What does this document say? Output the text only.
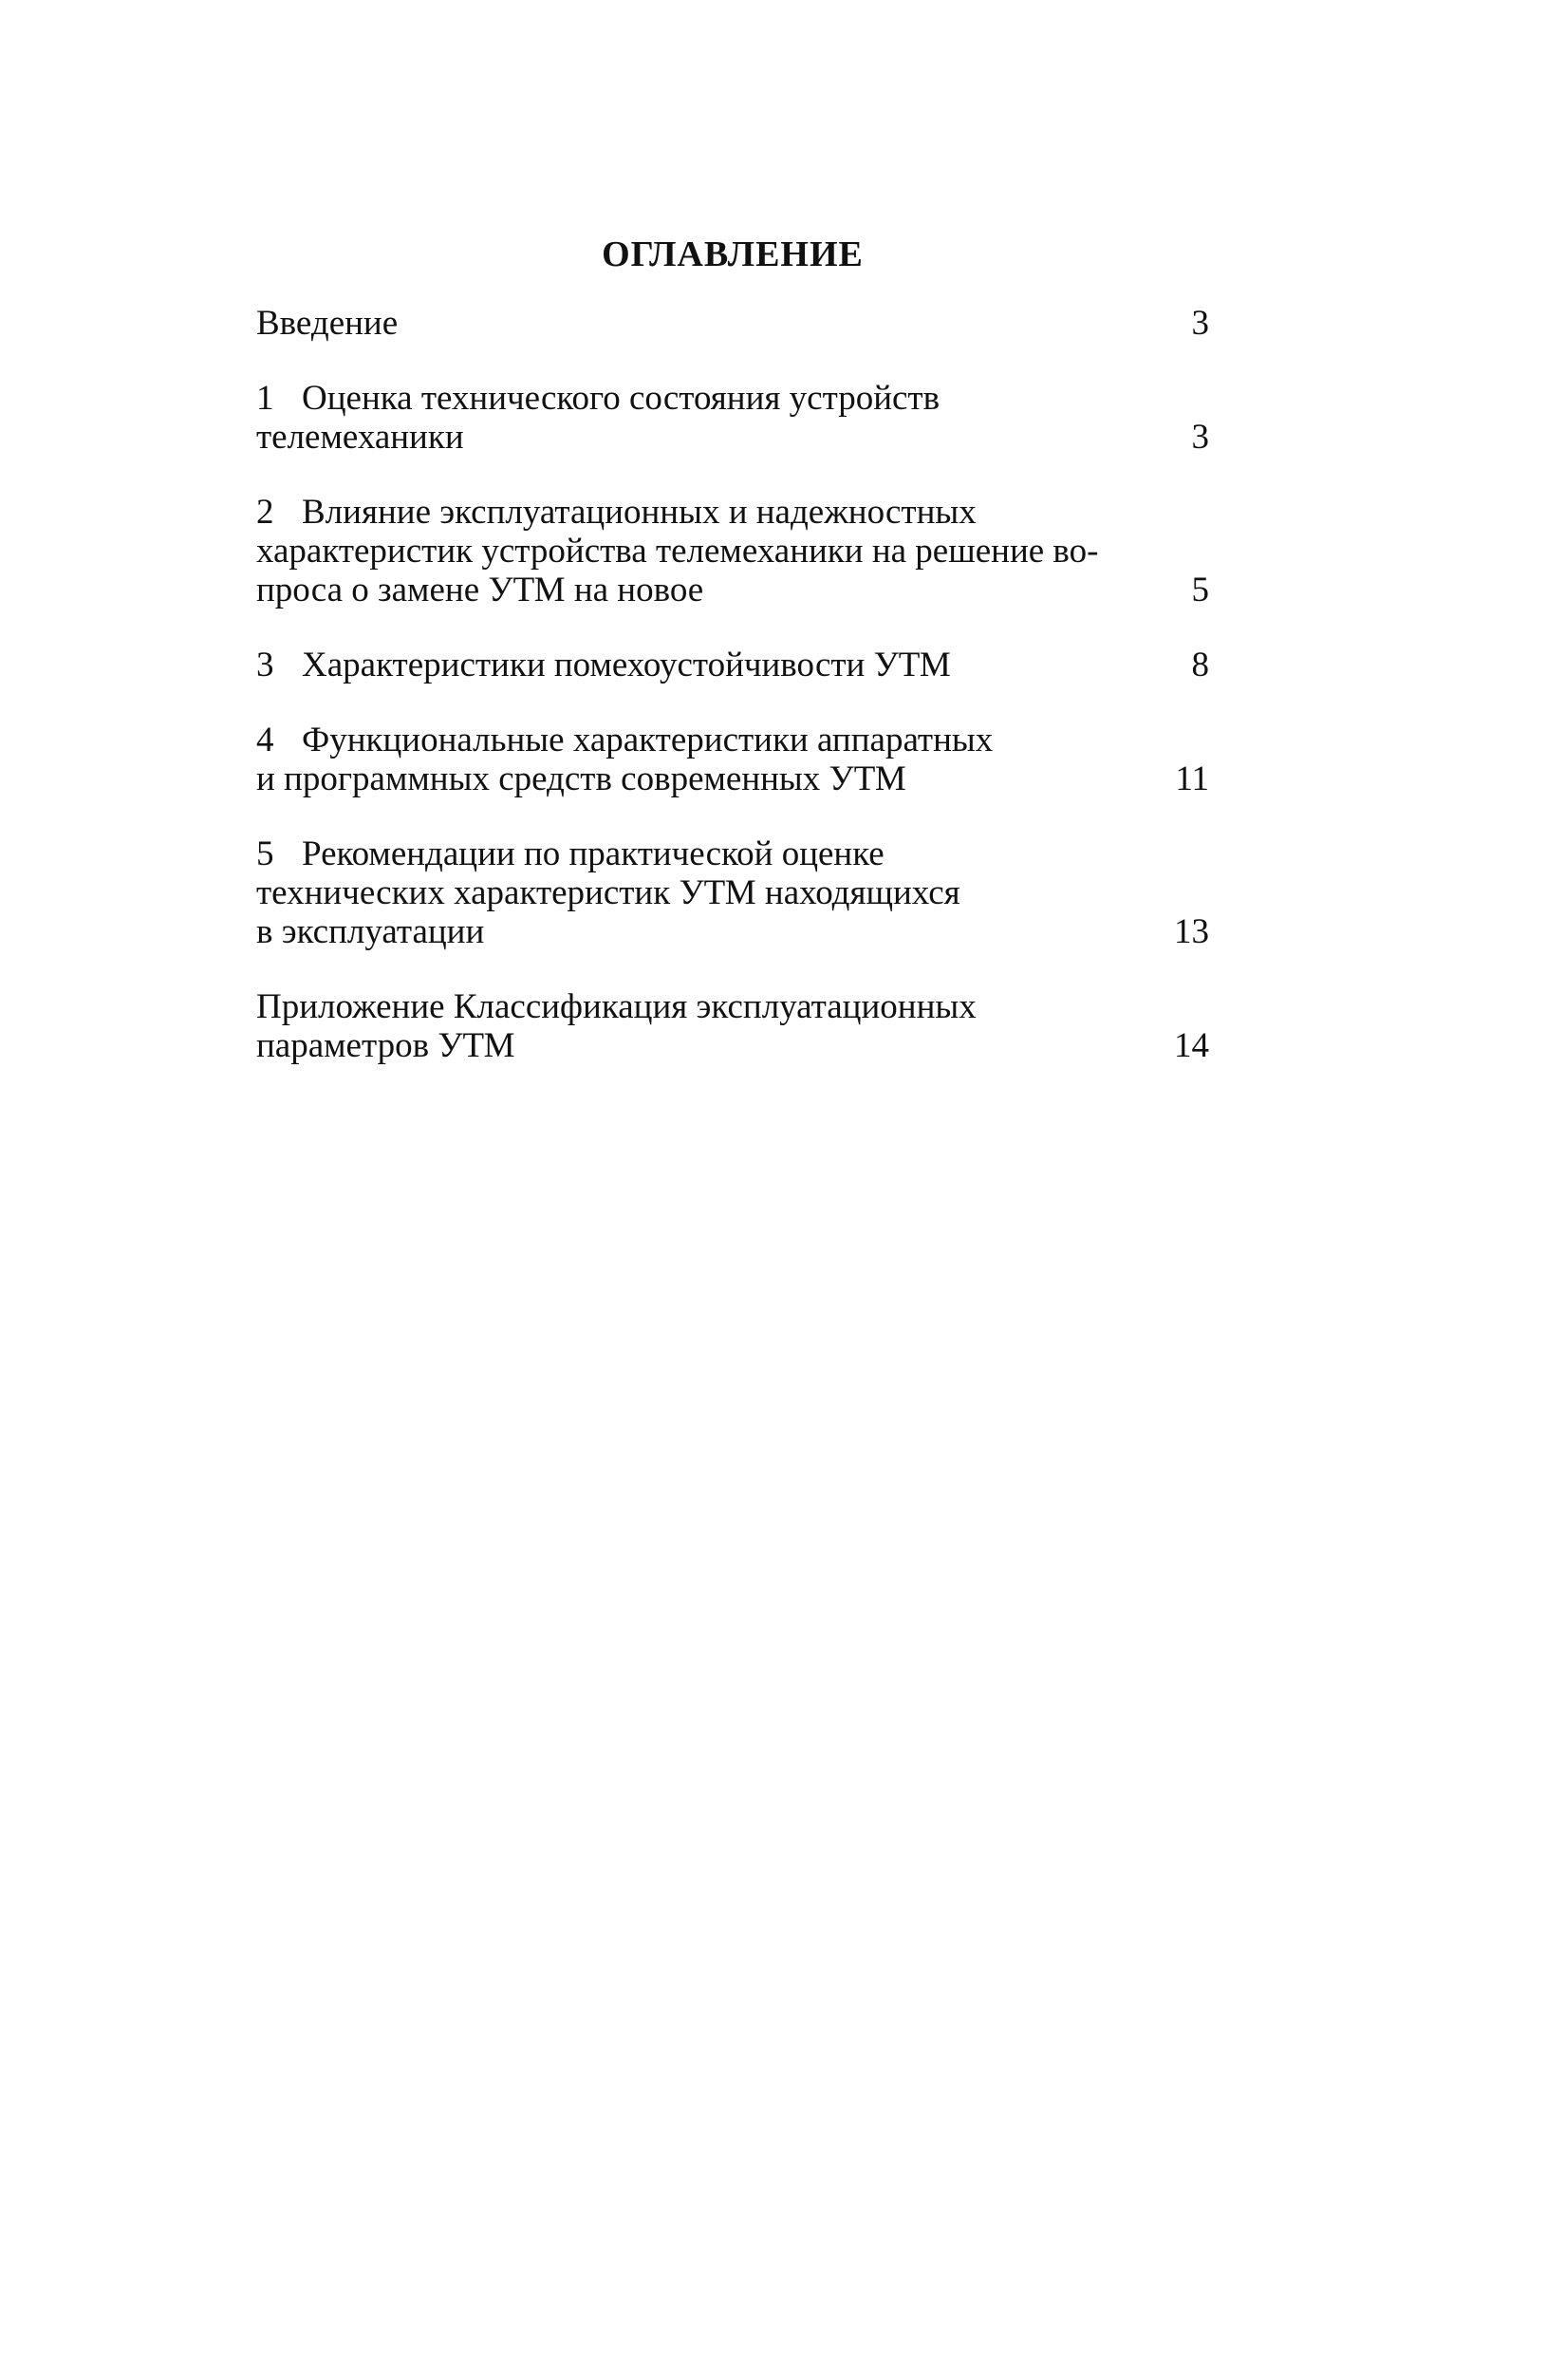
ОГЛАВЛЕНИЕ
Введение	3
1 Оценка технического состояния устройств
телемеханики	3
2 Влияние эксплуатационных и надежностных
характеристик устройства телемеханики на решение во-
проса о замене УТМ на новое	5
3 Характеристики помехоустойчивости УТМ	8
4 Функциональные характеристики аппаратных
и программных средств современных УТМ	11
5 Рекомендации по практической оценке
технических характеристик УТМ находящихся
в эксплуатации	13
Приложение Классификация эксплуатационных
параметров УТМ	14
